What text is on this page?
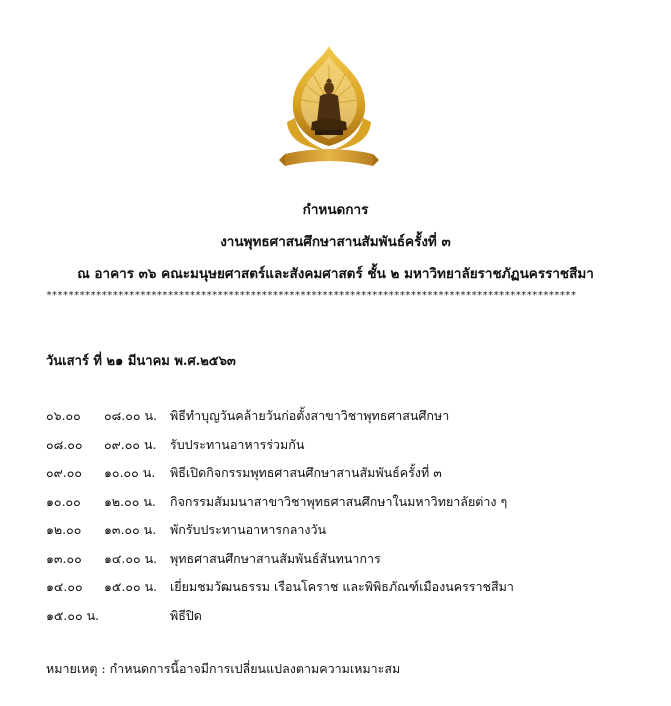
กำหนดการ
งานพุทธศาสนศึกษาสานสัมพันธ์ครั้งที่ ๓
ณ อาคาร ๓๖ คณะมนุษยศาสตร์และสังคมศาสตร์ ชั้น ๒ มหาวิทยาลัยราชภัฏนครราชสีมา
************************************************************************************************
วันเสาร์ ที่ ๒๑ มีนาคม พ.ศ.๒๕๖๓
๐๖.๐๐ ๐๘.๐๐ น. พิธีทำบุญวันคล้ายวันก่อตั้งสาขาวิชาพุทธศาสนศึกษา
๐๘.๐๐ ๐๙.๐๐ น. รับประทานอาหารร่วมกัน
๐๙.๐๐ ๑๐.๐๐ น. พิธีเปิดกิจกรรมพุทธศาสนศึกษาสานสัมพันธ์ครั้งที่ ๓
๑๐.๐๐ ๑๒.๐๐ น. กิจกรรมสัมมนาสาขาวิชาพุทธศาสนศึกษาในมหาวิทยาลัยต่าง ๆ
๑๒.๐๐ ๑๓.๐๐ น. พักรับประทานอาหารกลางวัน
๑๓.๐๐ ๑๔.๐๐ น. พุทธศาสนศึกษาสานสัมพันธ์สันทนาการ
๑๔.๐๐ ๑๕.๐๐ น. เยี่ยมชมวัฒนธรรม เรือนโคราช และพิพิธภัณฑ์เมืองนครราชสีมา
๑๕.๐๐ น.	พิธีปิด
หมายเหตุ : กำหนดการนี้อาจมีการเปลี่ยนแปลงตามความเหมาะสม
